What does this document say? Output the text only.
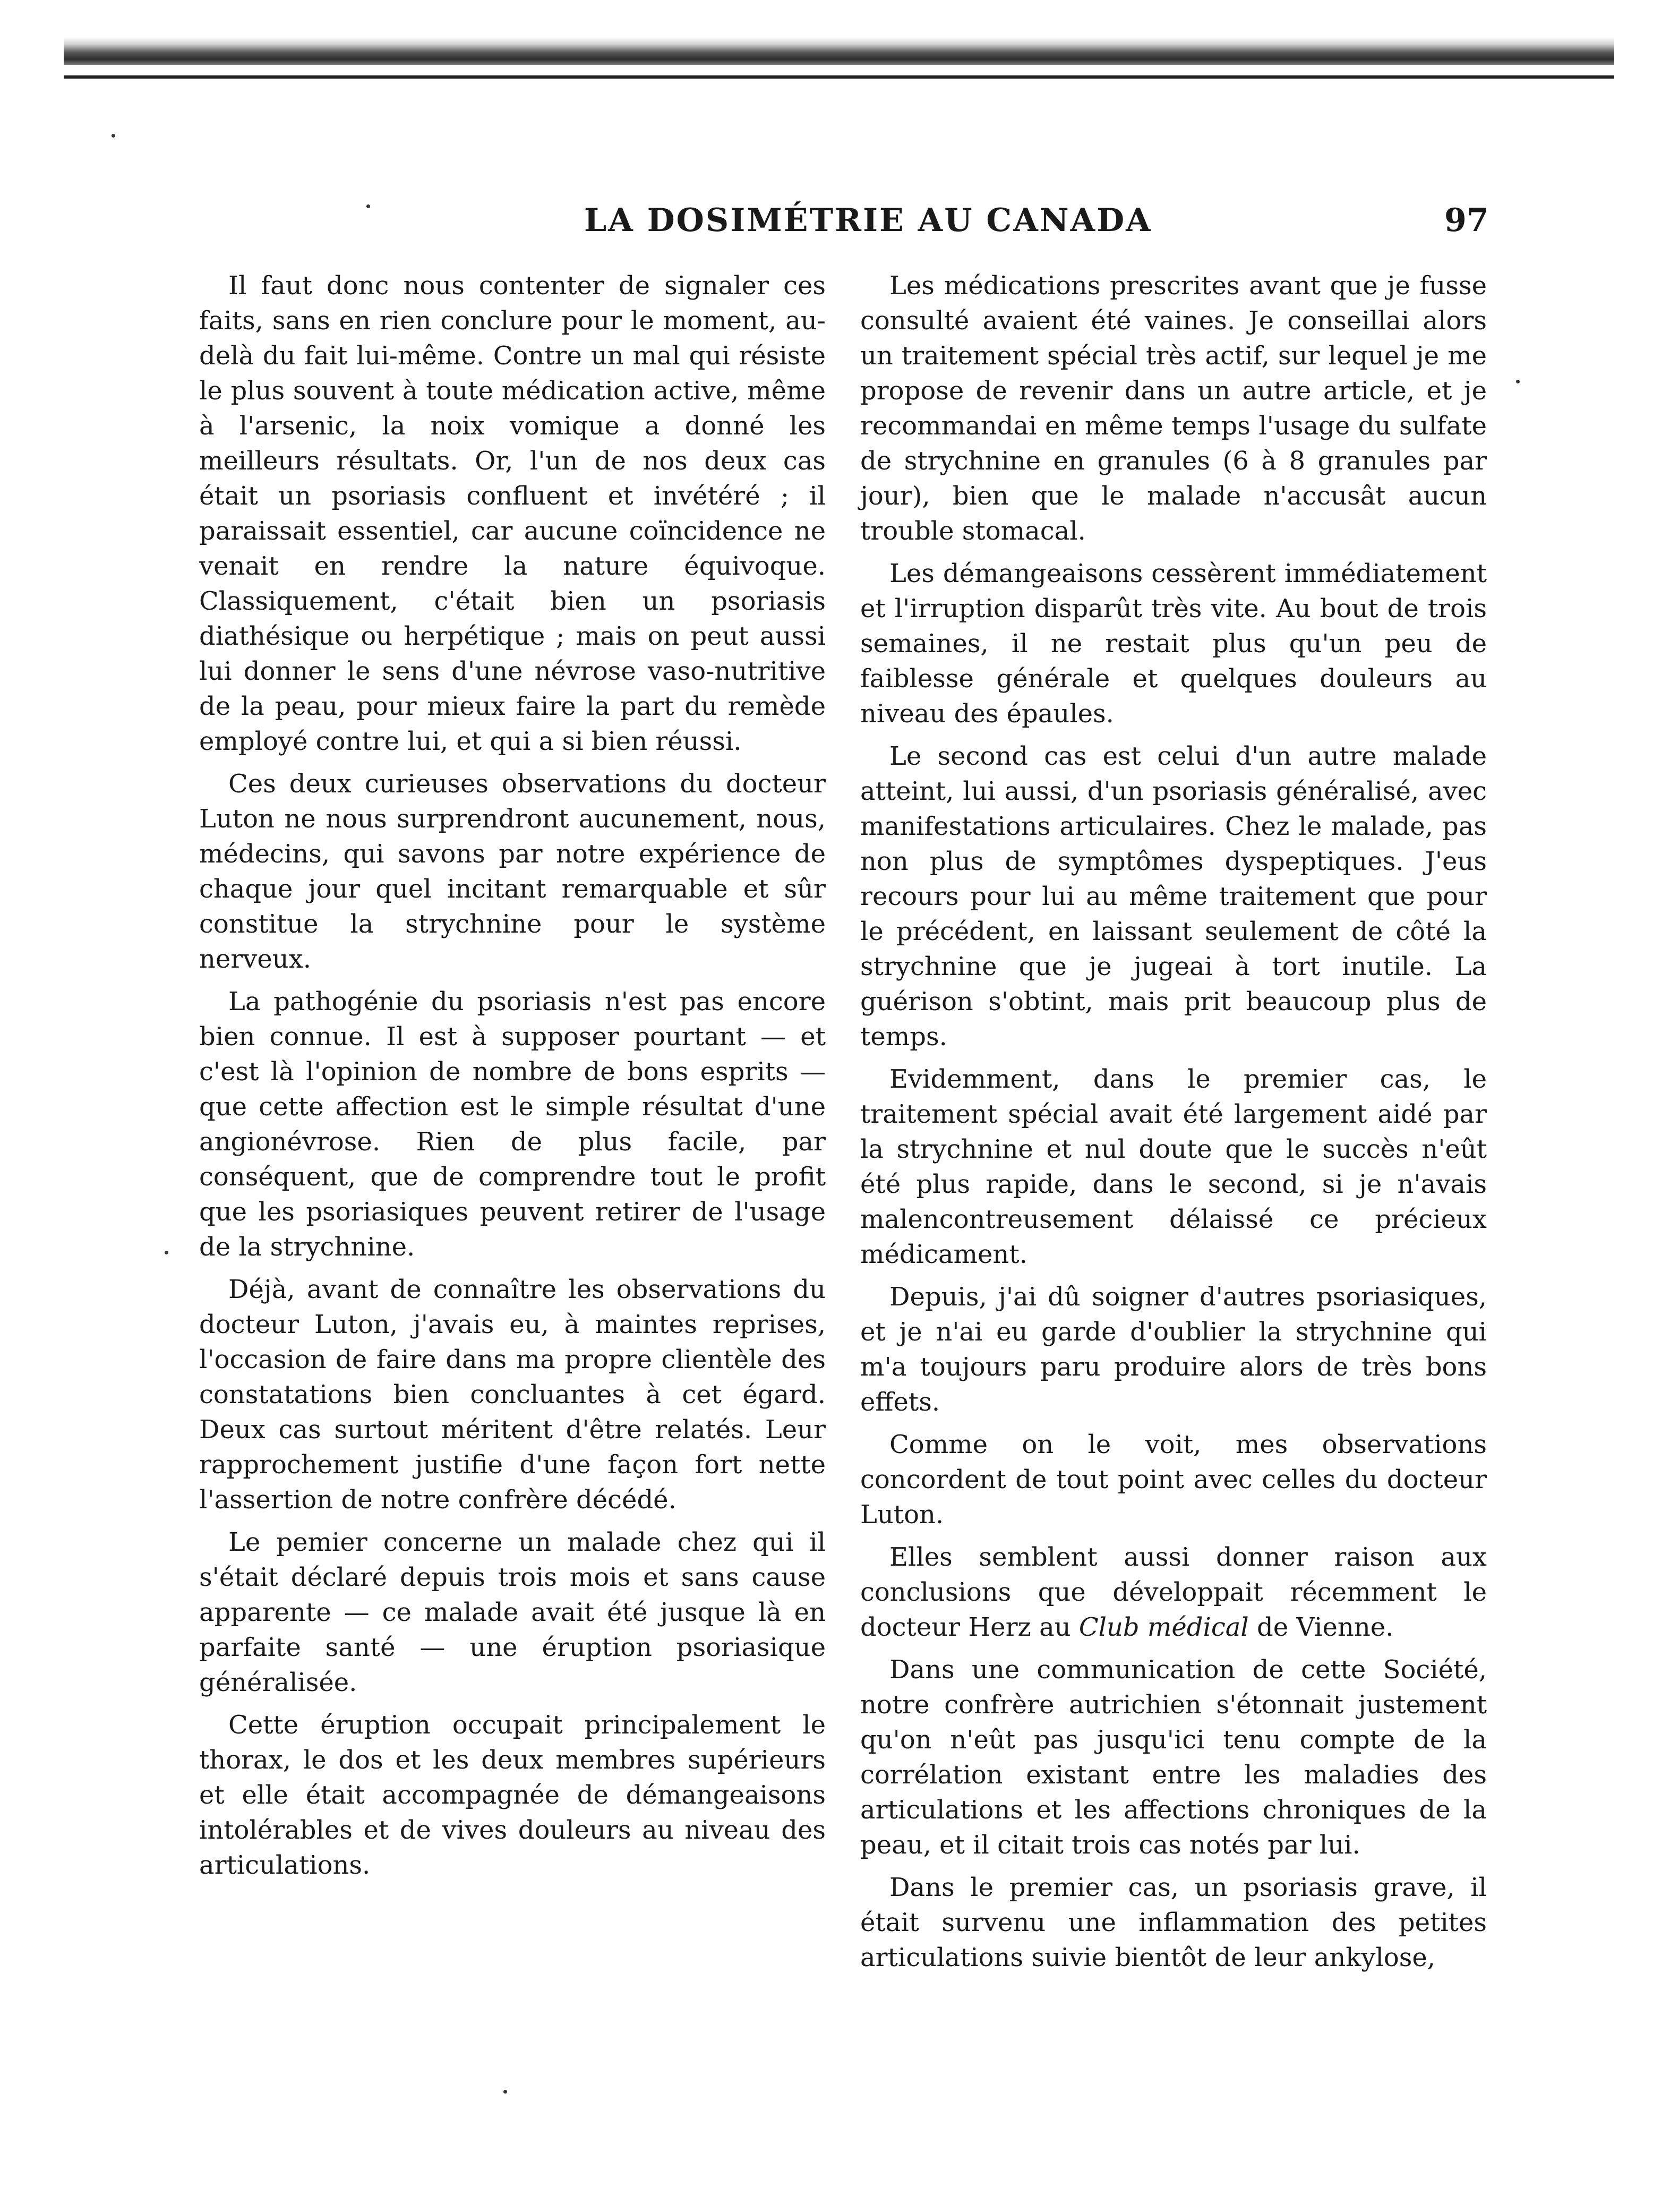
LA DOSIMÉTRIE AU CANADA	97

Il faut donc nous contenter de signaler ces faits, sans en rien conclure pour le moment, au-delà du fait lui-même. Contre un mal qui résiste le plus souvent à toute médication active, même à l'arsenic, la noix vomique a donné les meilleurs résultats. Or, l'un de nos deux cas était un psoriasis confluent et invétéré ; il paraissait essentiel, car aucune coïncidence ne venait en rendre la nature équivoque. Classiquement, c'était bien un psoriasis diathésique ou herpétique ; mais on peut aussi lui donner le sens d'une névrose vaso-nutritive de la peau, pour mieux faire la part du remède employé contre lui, et qui a si bien réussi.

Ces deux curieuses observations du docteur Luton ne nous surprendront aucunement, nous, médecins, qui savons par notre expérience de chaque jour quel incitant remarquable et sûr constitue la strychnine pour le système nerveux.

La pathogénie du psoriasis n'est pas encore bien connue. Il est à supposer pourtant — et c'est là l'opinion de nombre de bons esprits — que cette affection est le simple résultat d'une angionévrose. Rien de plus facile, par conséquent, que de comprendre tout le profit que les psoriasiques peuvent retirer de l'usage de la strychnine.

Déjà, avant de connaître les observations du docteur Luton, j'avais eu, à maintes reprises, l'occasion de faire dans ma propre clientèle des constatations bien concluantes à cet égard. Deux cas surtout méritent d'être relatés. Leur rapprochement justifie d'une façon fort nette l'assertion de notre confrère décédé.

Le pemier concerne un malade chez qui il s'était déclaré depuis trois mois et sans cause apparente — ce malade avait été jusque là en parfaite santé — une éruption psoriasique généralisée.

Cette éruption occupait principalement le thorax, le dos et les deux membres supérieurs et elle était accompagnée de démangeaisons intolérables et de vives douleurs au niveau des articulations.

Les médications prescrites avant que je fusse consulté avaient été vaines. Je conseillai alors un traitement spécial très actif, sur lequel je me propose de revenir dans un autre article, et je recommandai en même temps l'usage du sulfate de strychnine en granules (6 à 8 granules par jour), bien que le malade n'accusât aucun trouble stomacal.

Les démangeaisons cessèrent immédiatement et l'irruption disparût très vite. Au bout de trois semaines, il ne restait plus qu'un peu de faiblesse générale et quelques douleurs au niveau des épaules.

Le second cas est celui d'un autre malade atteint, lui aussi, d'un psoriasis généralisé, avec manifestations articulaires. Chez le malade, pas non plus de symptômes dyspeptiques. J'eus recours pour lui au même traitement que pour le précédent, en laissant seulement de côté la strychnine que je jugeai à tort inutile. La guérison s'obtint, mais prit beaucoup plus de temps.

Evidemment, dans le premier cas, le traitement spécial avait été largement aidé par la strychnine et nul doute que le succès n'eût été plus rapide, dans le second, si je n'avais malencontreusement délaissé ce précieux médicament.

Depuis, j'ai dû soigner d'autres psoriasiques, et je n'ai eu garde d'oublier la strychnine qui m'a toujours paru produire alors de très bons effets.

Comme on le voit, mes observations concordent de tout point avec celles du docteur Luton.

Elles semblent aussi donner raison aux conclusions que développait récemment le docteur Herz au Club médical de Vienne.

Dans une communication de cette Société, notre confrère autrichien s'étonnait justement qu'on n'eût pas jusqu'ici tenu compte de la corrélation existant entre les maladies des articulations et les affections chroniques de la peau, et il citait trois cas notés par lui.

Dans le premier cas, un psoriasis grave, il était survenu une inflammation des petites articulations suivie bientôt de leur ankylose,
